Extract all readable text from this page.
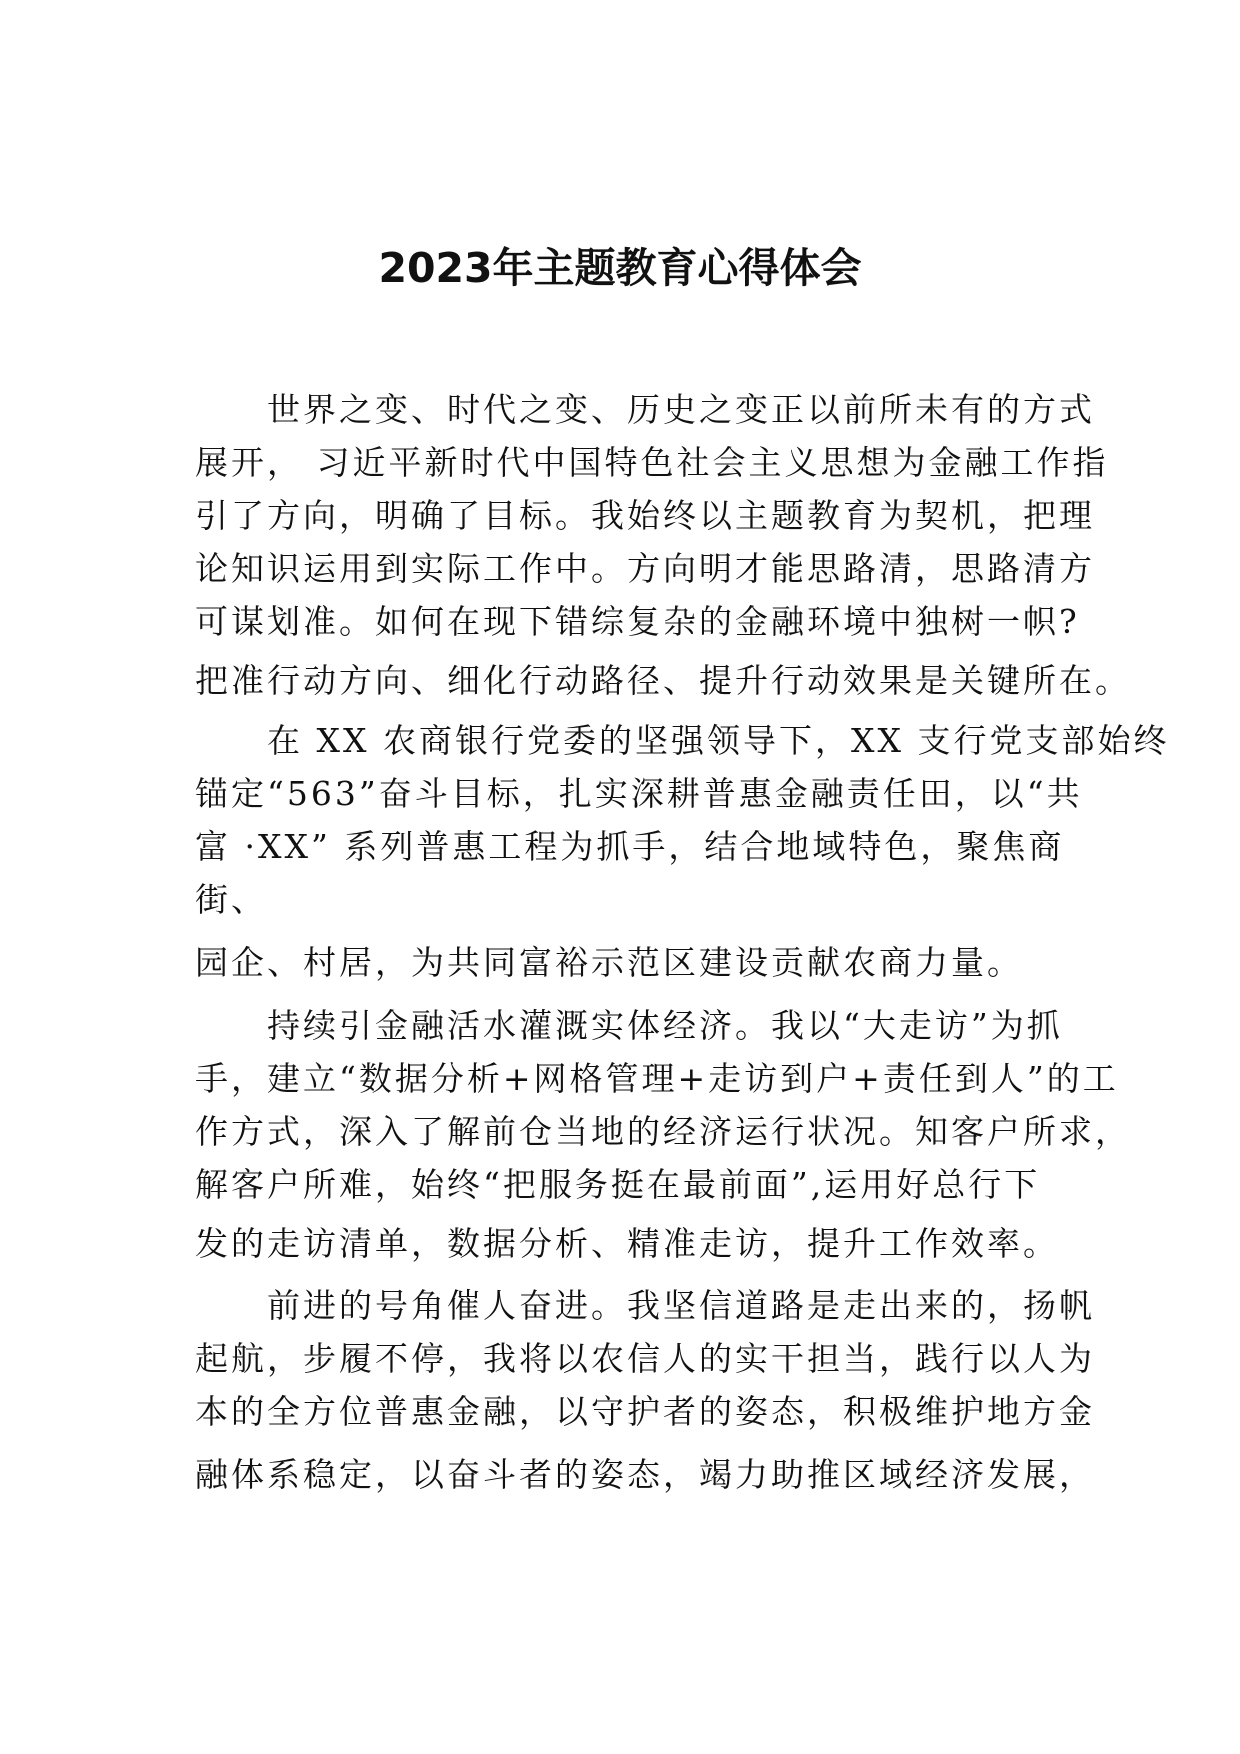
2023年主题教育心得体会
　　世界之变、时代之变、历史之变正以前所未有的方式
展开， 习近平新时代中国特色社会主义思想为金融工作指
引了方向，明确了目标。我始终以主题教育为契机，把理
论知识运用到实际工作中。方向明才能思路清，思路清方
可谋划准。如何在现下错综复杂的金融环境中独树一帜?
把准行动方向、细化行动路径、提升行动效果是关键所在。
　　在 XX 农商银行党委的坚强领导下，XX 支行党支部始终
锚定“563”奋斗目标，扎实深耕普惠金融责任田，以“共
富 ·XX” 系列普惠工程为抓手，结合地域特色，聚焦商
街、
园企、村居，为共同富裕示范区建设贡献农商力量。
　　持续引金融活水灌溉实体经济。我以“大走访”为抓
手，建立“数据分析+网格管理+走访到户+责任到人”的工
作方式，深入了解前仓当地的经济运行状况。知客户所求，
解客户所难，始终“把服务挺在最前面”,运用好总行下
发的走访清单，数据分析、精准走访，提升工作效率。
　　前进的号角催人奋进。我坚信道路是走出来的，扬帆
起航，步履不停，我将以农信人的实干担当，践行以人为
本的全方位普惠金融，以守护者的姿态，积极维护地方金
融体系稳定，以奋斗者的姿态，竭力助推区域经济发展，
